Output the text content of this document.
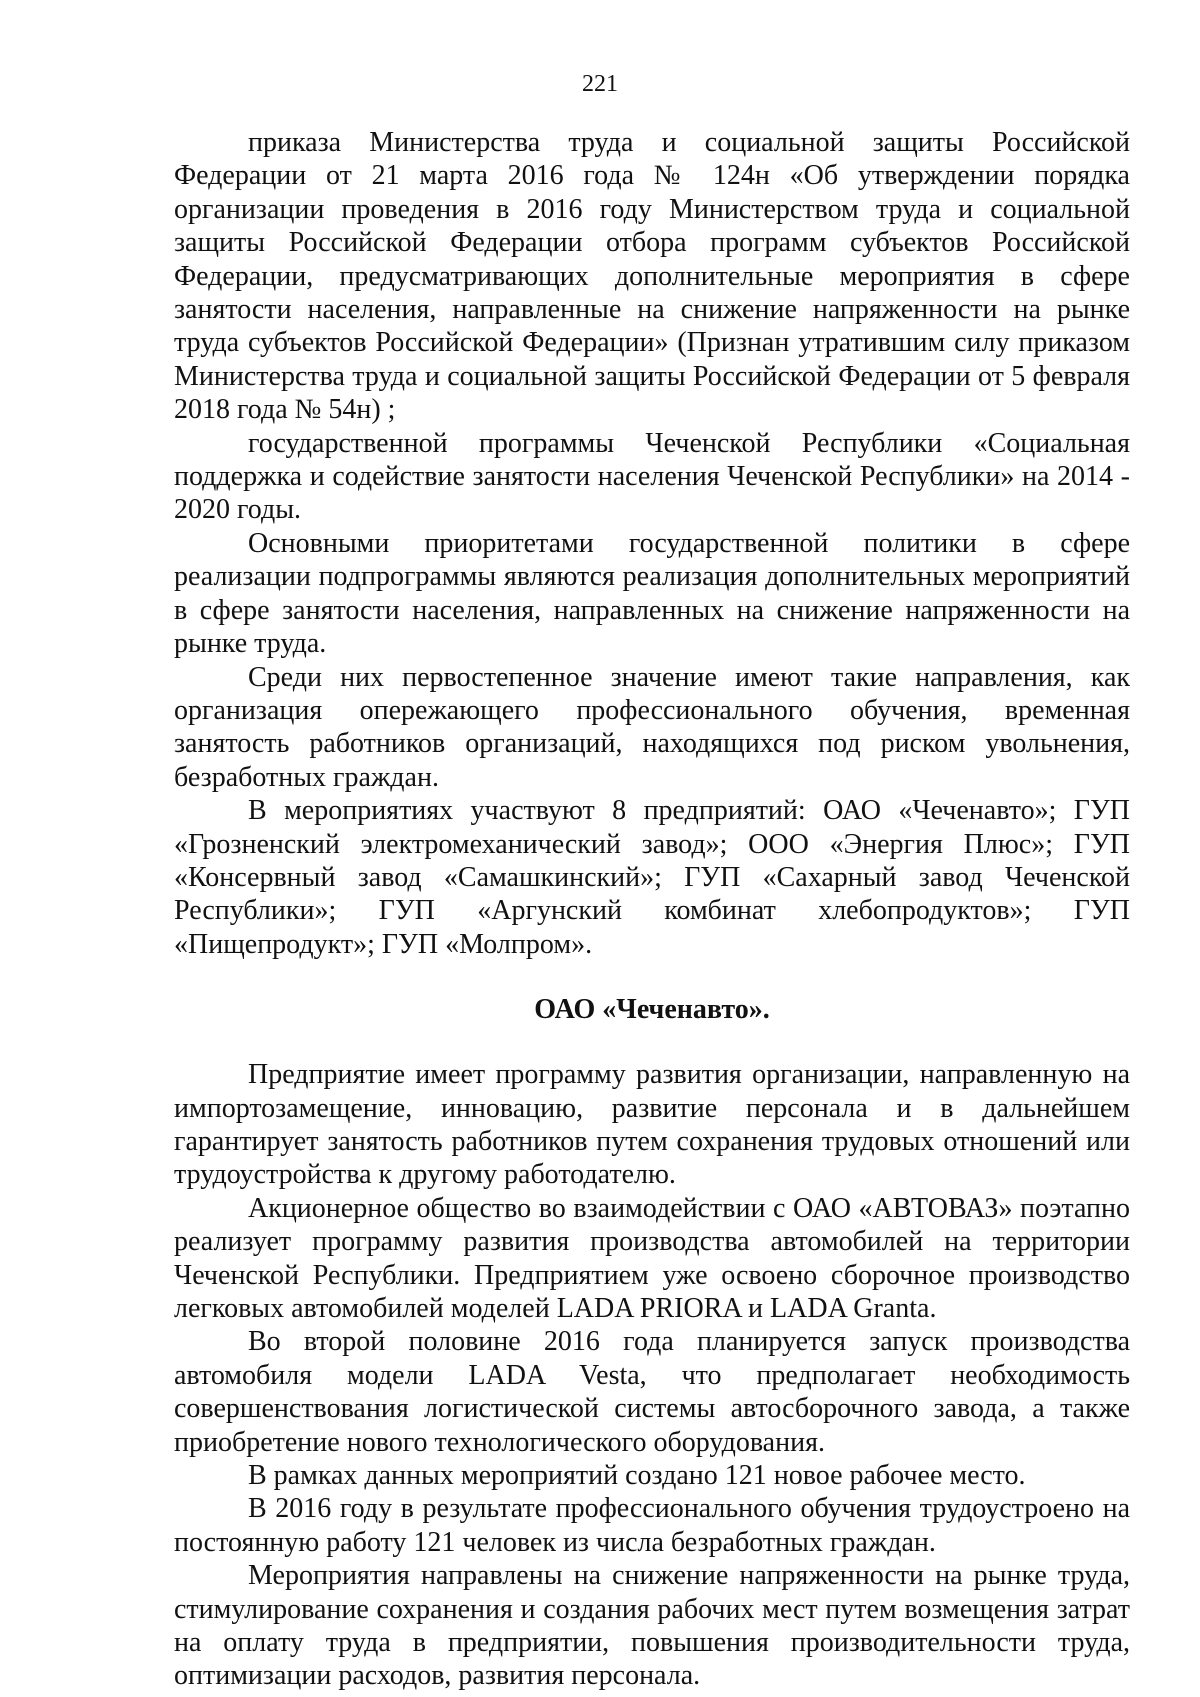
221

приказа Министерства труда и социальной защиты Российской Федерации от 21 марта 2016 года № 124н «Об утверждении порядка организации проведения в 2016 году Министерством труда и социальной защиты Российской Федерации отбора программ субъектов Российской Федерации, предусматривающих дополнительные мероприятия в сфере занятости населения, направленные на снижение напряженности на рынке труда субъектов Российской Федерации» (Признан утратившим силу приказом Министерства труда и социальной защиты Российской Федерации от 5 февраля 2018 года № 54н) ;

государственной программы Чеченской Республики «Социальная поддержка и содействие занятости населения Чеченской Республики» на 2014 - 2020 годы.

Основными приоритетами государственной политики в сфере реализации подпрограммы являются реализация дополнительных мероприятий в сфере занятости населения, направленных на снижение напряженности на рынке труда.

Среди них первостепенное значение имеют такие направления, как организация опережающего профессионального обучения, временная занятость работников организаций, находящихся под риском увольнения, безработных граждан.

В мероприятиях участвуют 8 предприятий: ОАО «Чеченавто»; ГУП «Грозненский электромеханический завод»; ООО «Энергия Плюс»; ГУП «Консервный завод «Самашкинский»; ГУП «Сахарный завод Чеченской Республики»; ГУП «Аргунский комбинат хлебопродуктов»; ГУП «Пищепродукт»; ГУП «Молпром».

ОАО «Чеченавто».

Предприятие имеет программу развития организации, направленную на импортозамещение, инновацию, развитие персонала и в дальнейшем гарантирует занятость работников путем сохранения трудовых отношений или трудоустройства к другому работодателю.

Акционерное общество во взаимодействии с ОАО «АВТОВАЗ» поэтапно реализует программу развития производства автомобилей на территории Чеченской Республики. Предприятием уже освоено сборочное производство легковых автомобилей моделей LADA PRIORA и LADA Granta.

Во второй половине 2016 года планируется запуск производства автомобиля модели LADA Vesta, что предполагает необходимость совершенствования логистической системы автосборочного завода, а также приобретение нового технологического оборудования.

В рамках данных мероприятий создано 121 новое рабочее место.

В 2016 году в результате профессионального обучения трудоустроено на постоянную работу 121 человек из числа безработных граждан.

Мероприятия направлены на снижение напряженности на рынке труда, стимулирование сохранения и создания рабочих мест путем возмещения затрат на оплату труда в предприятии, повышения производительности труда, оптимизации расходов, развития персонала.
